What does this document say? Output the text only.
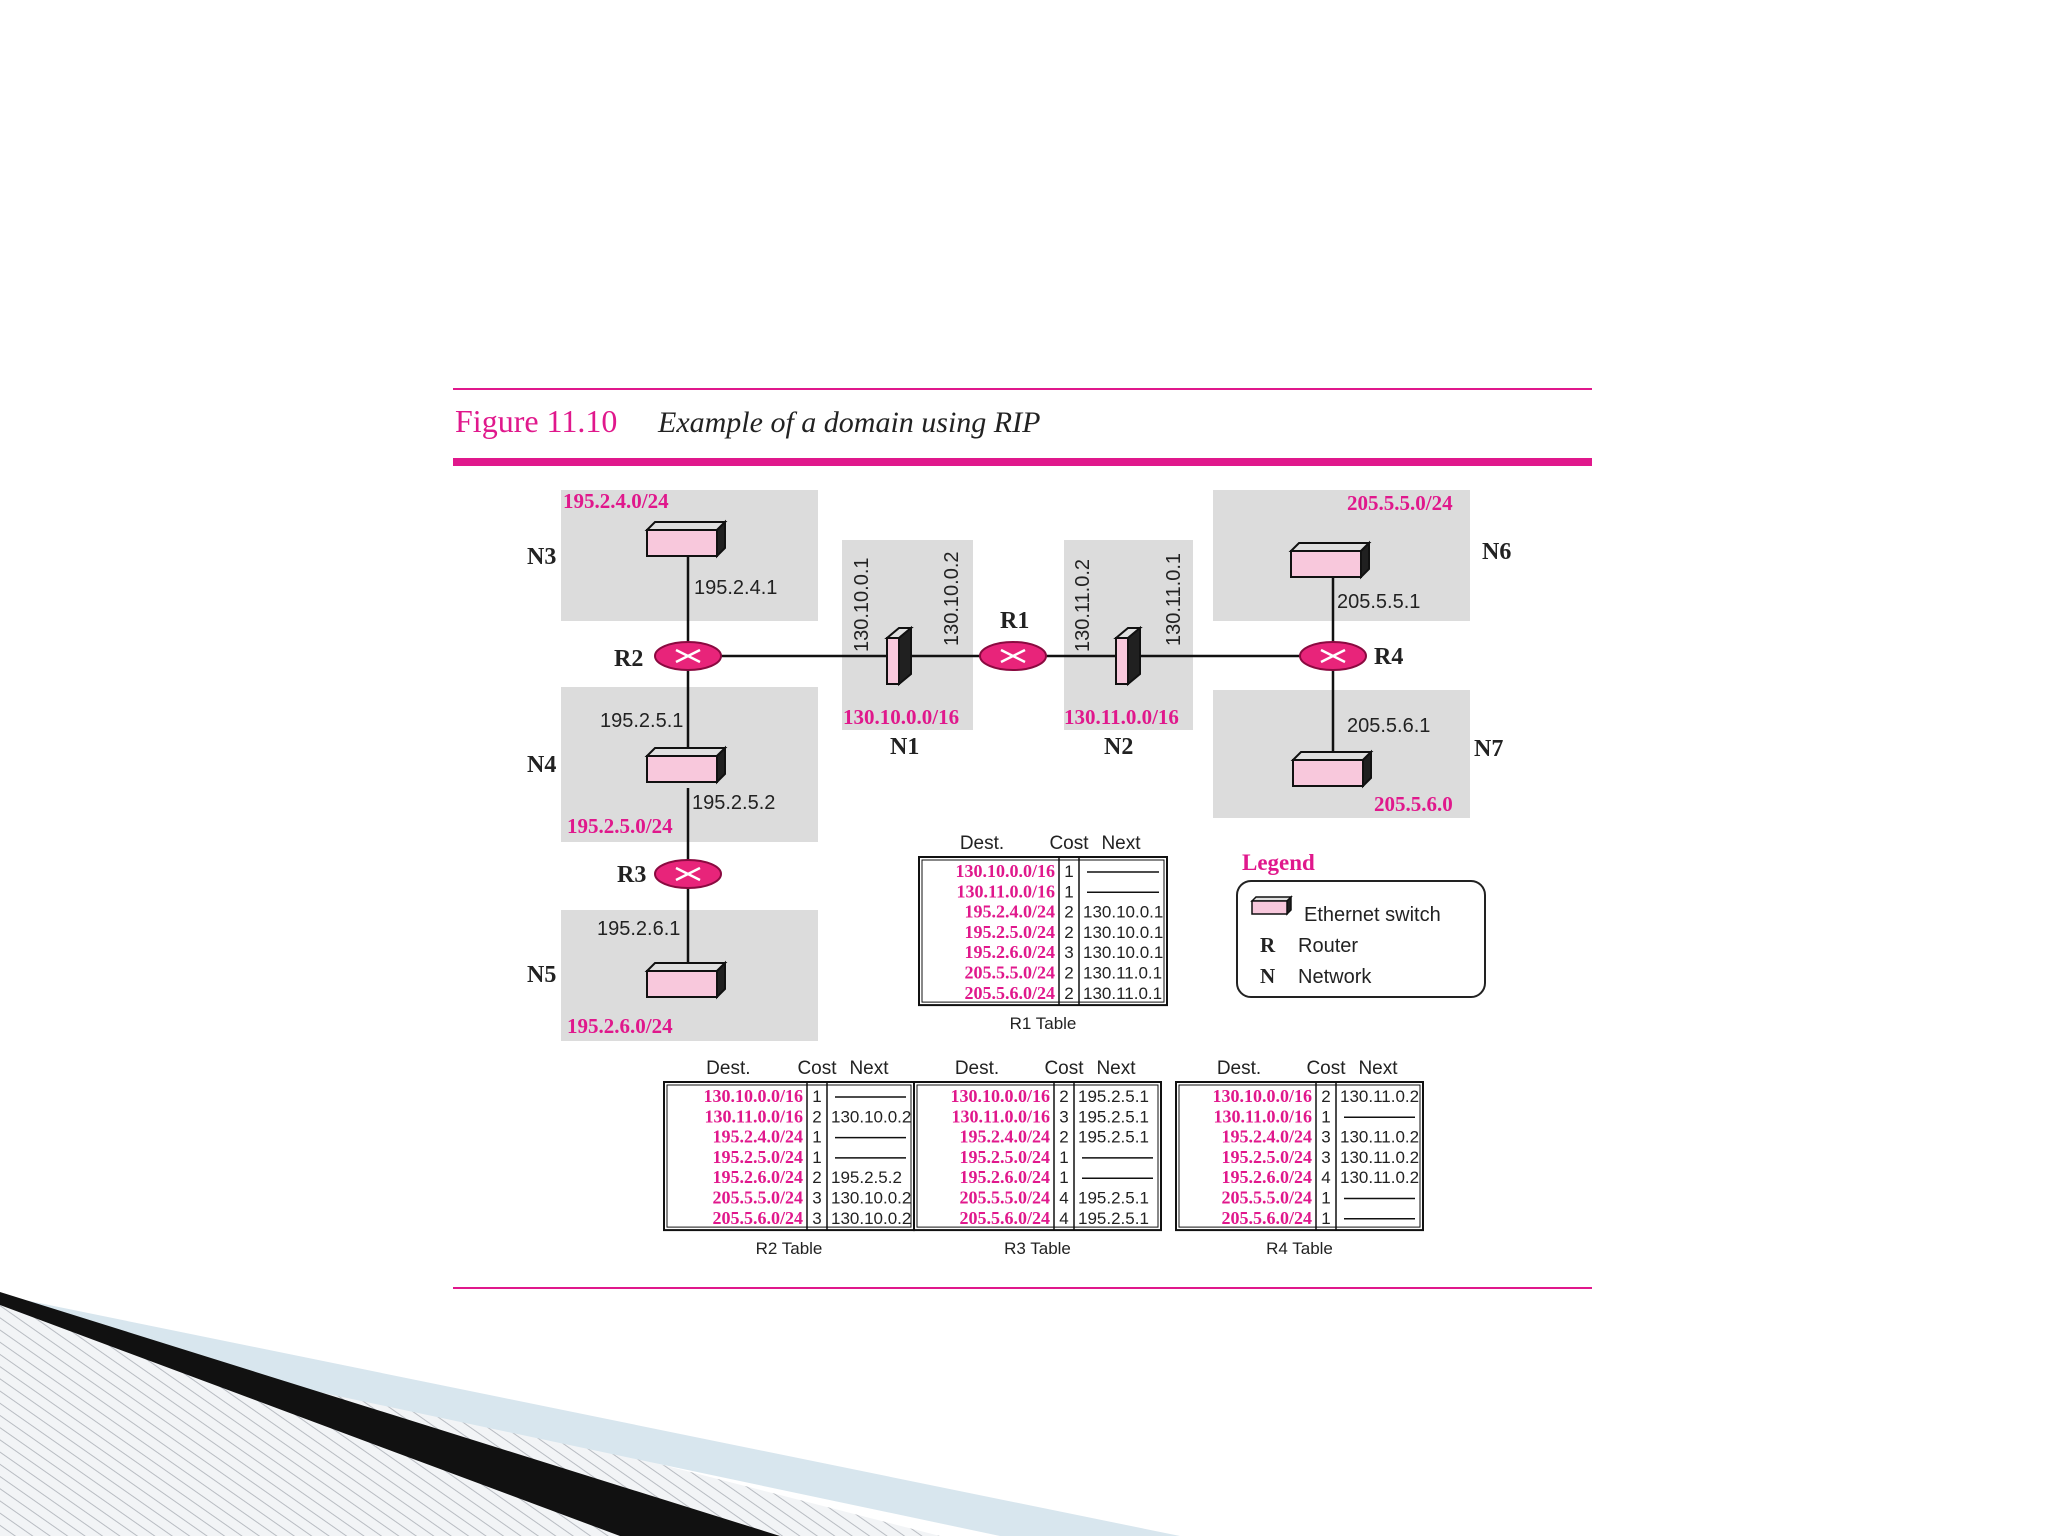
Figure 11.10 Example of a domain using RIP
R1
R2
R3
R4
N3
N4
N5
N6
N7
N1	N2
195.2.4.0/24
195.2.5.0/24
195.2.6.0/24
205.5.5.0/24
205.5.6.0
130.10.0.0/16	130.11.0.0/16
195.2.4.1
195.2.5.1
195.2.5.2
195.2.6.1
205.5.5.1
205.5.6.1
130.10.0.1	130.10.0.2	130.11.0.2	130.11.0.1
Legend
Ethernet switch
R Router
N Network
Dest. Cost Next
130.10.0.0/16 1
130.11.0.0/16 1
195.2.4.0/24 2 130.10.0.1
195.2.5.0/24 2 130.10.0.1
195.2.6.0/24 3 130.10.0.1
205.5.5.0/24 2 130.11.0.1
205.5.6.0/24 2 130.11.0.1
R1 Table
Dest. Cost Next
130.10.0.0/16 1
130.11.0.0/16 2 130.10.0.2
195.2.4.0/24 1
195.2.5.0/24 1
195.2.6.0/24 2 195.2.5.2
205.5.5.0/24 3 130.10.0.2
205.5.6.0/24 3 130.10.0.2
R2 Table
Dest. Cost Next
130.10.0.0/16 2 195.2.5.1
130.11.0.0/16 3 195.2.5.1
195.2.4.0/24 2 195.2.5.1
195.2.5.0/24 1
195.2.6.0/24 1
205.5.5.0/24 4 195.2.5.1
205.5.6.0/24 4 195.2.5.1
R3 Table
Dest. Cost Next
130.10.0.0/16 2 130.11.0.2
130.11.0.0/16 1
195.2.4.0/24 3 130.11.0.2
195.2.5.0/24 3 130.11.0.2
195.2.6.0/24 4 130.11.0.2
205.5.5.0/24 1
205.5.6.0/24 1
R4 Table
